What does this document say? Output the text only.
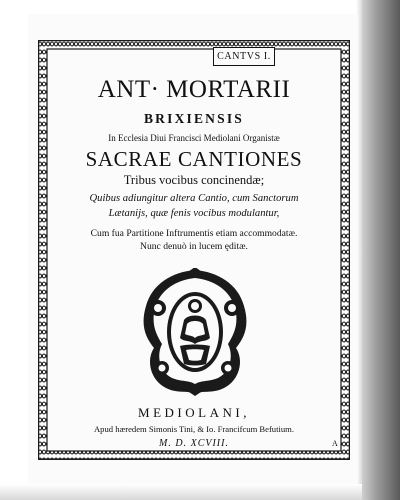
CANTVS I.
ANT· MORTARII
BRIXIENSIS
In Ecclesia Diui Francisci Mediolani Organistæ
SACRAE CANTIONES
Tribus vocibus concinendæ;
Quibus adiungitur altera Cantio, cum Sanctorum
Lætanijs, quæ fenis vocibus modulantur,
Cum fua Partitione Inftrumentis etiam accommodatæ.
Nunc denuò in lucem ęditæ.
MEDIOLANI,
Apud hæredem Simonis Tini, & Io. Francifcum Befutium.
M. D. XCVIII.	A
